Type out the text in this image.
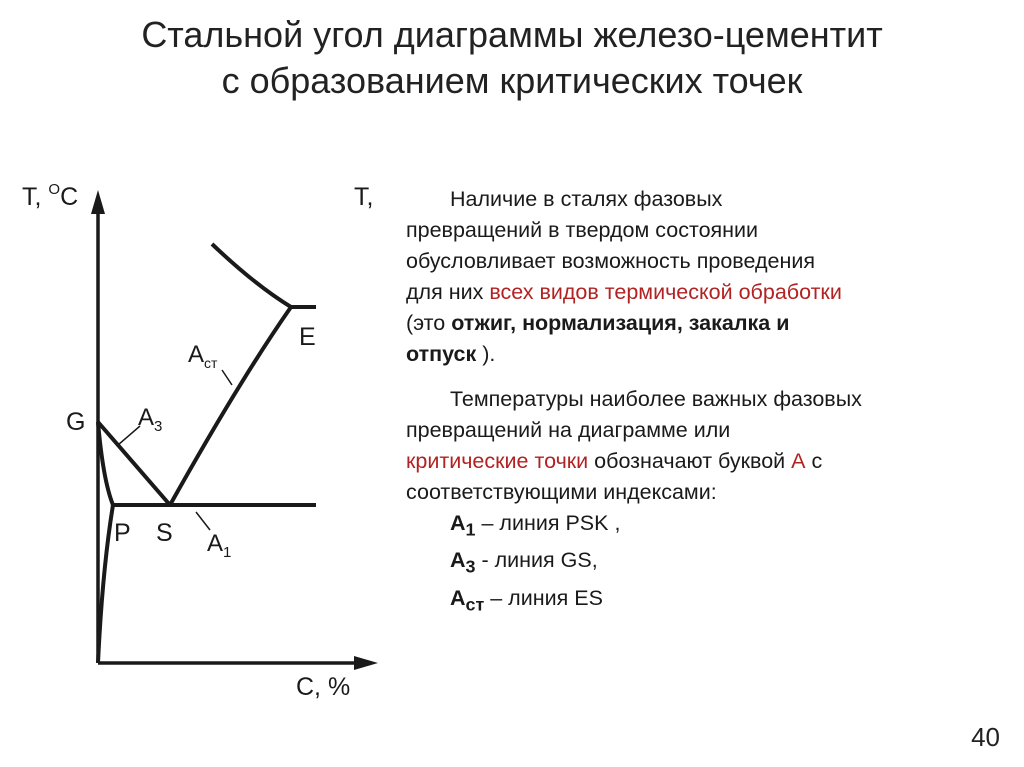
Стальной угол диаграммы железо-цементит
с образованием критических точек
T, $^O$C	T,
C, %
G
P S
E
$A_3$
$A_1$
$A_{ст}$

Наличие в сталях фазовых

превращений в твердом состоянии

обусловливает возможность проведения

для них всех видов термической обработки

(это отжиг, нормализация, закалка и

отпуск ).

Температуры наиболее важных фазовых

превращений на диаграмме или

критические точки обозначают буквой А с

соответствующими индексами:

$А_1$ – линия PSK ,

$А_3$ - линия GS,

$А_{ст}$ – линия ES

40
